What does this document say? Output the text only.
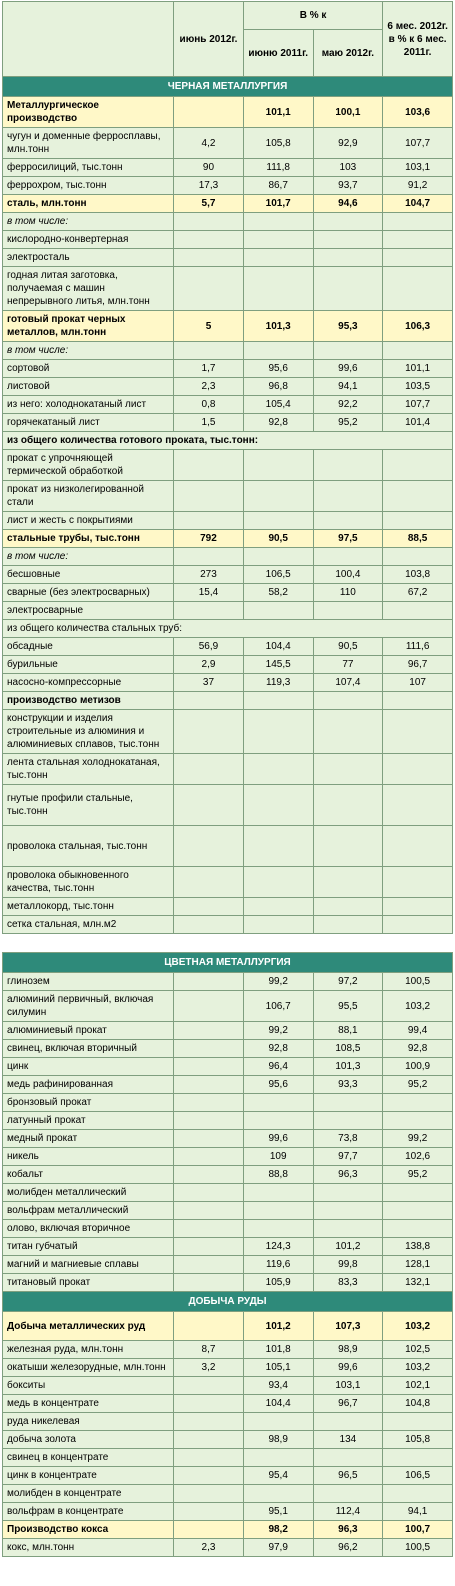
	июнь 2012г.	В % к		6 мес. 2012г. в % к 6 мес. 2011г.
		июню 2011г.	маю 2012г.	
ЧЕРНАЯ МЕТАЛЛУРГИЯ				
Металлургическое производство		101,1	100,1	103,6
чугун и доменные ферросплавы, млн.тонн	4,2	105,8	92,9	107,7
ферросилиций, тыс.тонн	90	111,8	103	103,1
феррохром, тыс.тонн	17,3	86,7	93,7	91,2
сталь, млн.тонн	5,7	101,7	94,6	104,7
в том числе:				
кислородно-конвертерная				
электросталь				
годная литая заготовка, получаемая с машин непрерывного литья, млн.тонн				
готовый прокат черных металлов, млн.тонн	5	101,3	95,3	106,3
в том числе:				
сортовой	1,7	95,6	99,6	101,1
листовой	2,3	96,8	94,1	103,5
из него: холоднокатаный лист	0,8	105,4	92,2	107,7
горячекатаный лист	1,5	92,8	95,2	101,4
из общего количества готового проката, тыс.тонн:				
прокат с упрочняющей термической обработкой				
прокат из низколегированной стали				
лист и жесть с покрытиями				
стальные трубы, тыс.тонн	792	90,5	97,5	88,5
в том числе:				
бесшовные	273	106,5	100,4	103,8
сварные (без электросварных)	15,4	58,2	110	67,2
электросварные				
из общего количества стальных труб:				
обсадные	56,9	104,4	90,5	111,6
бурильные	2,9	145,5	77	96,7
насосно-компрессорные	37	119,3	107,4	107
производство метизов				
конструкции и изделия строительные из алюминия и алюминиевых сплавов, тыс.тонн				
лента стальная холоднокатаная, тыс.тонн				
гнутые профили стальные, тыс.тонн				
проволока стальная, тыс.тонн				
проволока обыкновенного качества, тыс.тонн				
металлокорд, тыс.тонн				
сетка стальная, млн.м2				

ЦВЕТНАЯ МЕТАЛЛУРГИЯ				
глинозем		99,2	97,2	100,5
алюминий первичный, включая силумин		106,7	95,5	103,2
алюминиевый прокат		99,2	88,1	99,4
свинец, включая вторичный		92,8	108,5	92,8
цинк		96,4	101,3	100,9
медь рафинированная		95,6	93,3	95,2
бронзовый прокат				
латунный прокат				
медный прокат		99,6	73,8	99,2
никель		109	97,7	102,6
кобальт		88,8	96,3	95,2
молибден металлический				
вольфрам металлический				
олово, включая вторичное				
титан губчатый		124,3	101,2	138,8
магний и магниевые сплавы		119,6	99,8	128,1
титановый прокат		105,9	83,3	132,1
ДОБЫЧА РУДЫ				
Добыча металлических руд		101,2	107,3	103,2
железная руда, млн.тонн	8,7	101,8	98,9	102,5
окатыши железорудные, млн.тонн	3,2	105,1	99,6	103,2
бокситы		93,4	103,1	102,1
медь в концентрате		104,4	96,7	104,8
руда никелевая				
добыча золота		98,9	134	105,8
свинец в концентрате				
цинк в концентрате		95,4	96,5	106,5
молибден в концентрате				
вольфрам в концентрате		95,1	112,4	94,1
Производство кокса		98,2	96,3	100,7
кокс, млн.тонн	2,3	97,9	96,2	100,5
